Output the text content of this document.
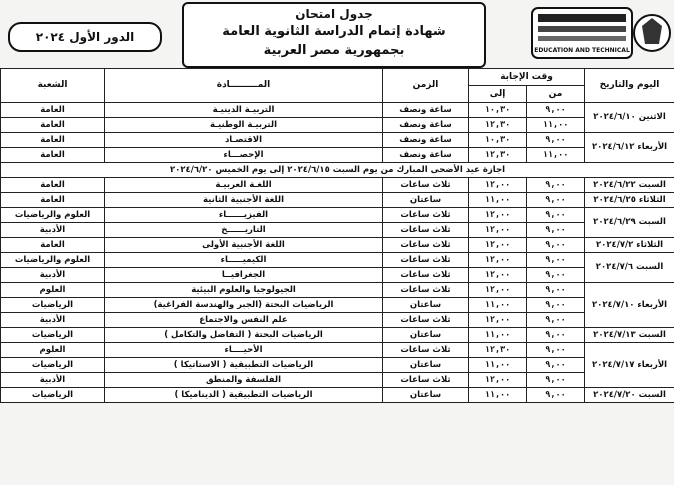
الدور الأول ٢٠٢٤
جدول امتحان
شهادة إتمام الدراسة الثانوية العامة
بجمهورية مصر العربية	EDUCATION AND TECHNICAL
اليوم والتاريخ	وقت الإجابة		الزمن	المـــــــــادة	الشعبة
	من	إلى			
الاثنين ٢٠٢٤/٦/١٠	٩,٠٠	١٠,٣٠	ساعة ونصف	التربيـة الدينيـة	العامة
	١١,٠٠	١٢,٣٠	ساعة ونصف	التربيـة الوطنيـة	العامة
الأربعاء ٢٠٢٤/٦/١٢	٩,٠٠	١٠,٣٠	ساعة ونصف	الاقتصـاد	العامة
	١١,٠٠	١٢,٣٠	ساعة ونصف	الإحصـــاء	العامة
اجازة عيد الأضحى المبارك من يوم السبت ٢٠٢٤/٦/١٥ إلى يوم الخميس ٢٠٢٤/٦/٢٠					
السبت ٢٠٢٤/٦/٢٢	٩,٠٠	١٢,٠٠	ثلاث ساعات	اللغـة العربيـة	العامة
الثلاثاء ٢٠٢٤/٦/٢٥	٩,٠٠	١١,٠٠	ساعتان	اللغة الأجنبية الثانية	العامة
السبت ٢٠٢٤/٦/٢٩	٩,٠٠	١٢,٠٠	ثلاث ساعات	الفيزيــــــاء	العلوم والرياضيات
	٩,٠٠	١٢,٠٠	ثلاث ساعات	التاريــــــخ	الأدبية
الثلاثاء ٢٠٢٤/٧/٢	٩,٠٠	١٢,٠٠	ثلاث ساعات	اللغة الأجنبية الأولى	العامة
السبت ٢٠٢٤/٧/٦	٩,٠٠	١٢,٠٠	ثلاث ساعات	الكيميـــــاء	العلوم والرياضيات
	٩,٠٠	١٢,٠٠	ثلاث ساعات	الجغرافيــا	الأدبية
الأربعاء ٢٠٢٤/٧/١٠	٩,٠٠	١٢,٠٠	ثلاث ساعات	الجيولوجيا والعلوم البيئية	العلوم
	٩,٠٠	١١,٠٠	ساعتان	الرياضيات البحتة (الجبر والهندسة الفراغية)	الرياضيات
	٩,٠٠	١٢,٠٠	ثلاث ساعات	علم النفس والاجتماع	الأدبية
السبت ٢٠٢٤/٧/١٣	٩,٠٠	١١,٠٠	ساعتان	الرياضيات البحتة ( التفاضل والتكامل )	الرياضيات
الأربعاء ٢٠٢٤/٧/١٧	٩,٠٠	١٢,٣٠	ثلاث ساعات	الأحيــــاء	العلوم
	٩,٠٠	١١,٠٠	ساعتان	الرياضيات التطبيقية ( الاستاتيكا )	الرياضيات
	٩,٠٠	١٢,٠٠	ثلاث ساعات	الفلسفة والمنطق	الأدبية
السبت ٢٠٢٤/٧/٢٠	٩,٠٠	١١,٠٠	ساعتان	الرياضيات التطبيقية ( الديناميكا )	الرياضيات
